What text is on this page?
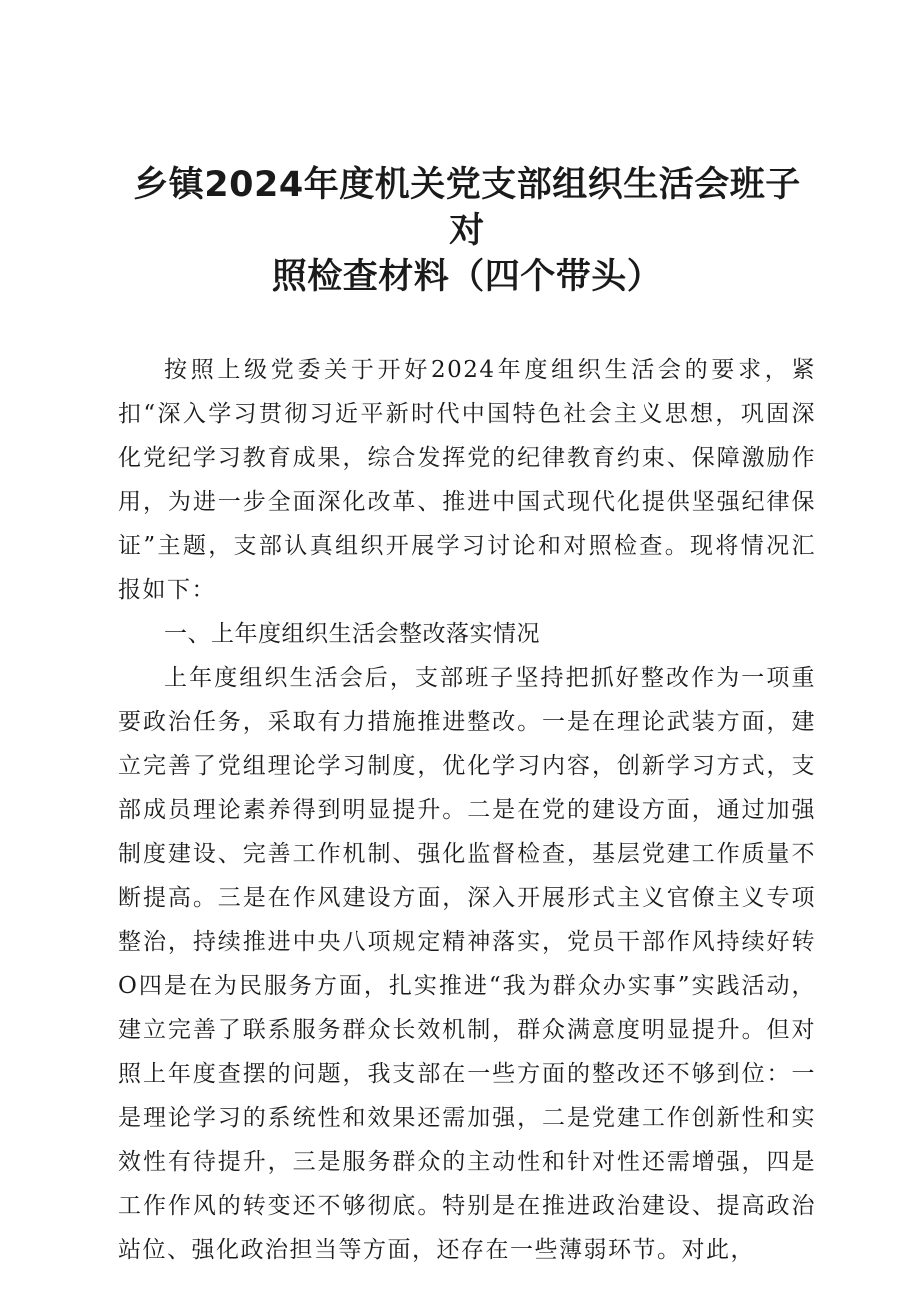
乡镇2024年度机关党支部组织生活会班子对
照检查材料（四个带头）

按照上级党委关于开好2024年度组织生活会的要求，紧扣“深入学习贯彻习近平新时代中国特色社会主义思想，巩固深化党纪学习教育成果，综合发挥党的纪律教育约束、保障激励作用，为进一步全面深化改革、推进中国式现代化提供坚强纪律保证”主题，支部认真组织开展学习讨论和对照检查。现将情况汇报如下：

一、上年度组织生活会整改落实情况

上年度组织生活会后，支部班子坚持把抓好整改作为一项重要政治任务，采取有力措施推进整改。一是在理论武装方面，建立完善了党组理论学习制度，优化学习内容，创新学习方式，支部成员理论素养得到明显提升。二是在党的建设方面，通过加强制度建设、完善工作机制、强化监督检查，基层党建工作质量不断提高。三是在作风建设方面，深入开展形式主义官僚主义专项整治，持续推进中央八项规定精神落实，党员干部作风持续好转O四是在为民服务方面，扎实推进“我为群众办实事”实践活动，建立完善了联系服务群众长效机制，群众满意度明显提升。但对照上年度查摆的问题，我支部在一些方面的整改还不够到位：一是理论学习的系统性和效果还需加强，二是党建工作创新性和实效性有待提升，三是服务群众的主动性和针对性还需增强，四是工作作风的转变还不够彻底。特别是在推进政治建设、提高政治站位、强化政治担当等方面，还存在一些薄弱环节。对此，
